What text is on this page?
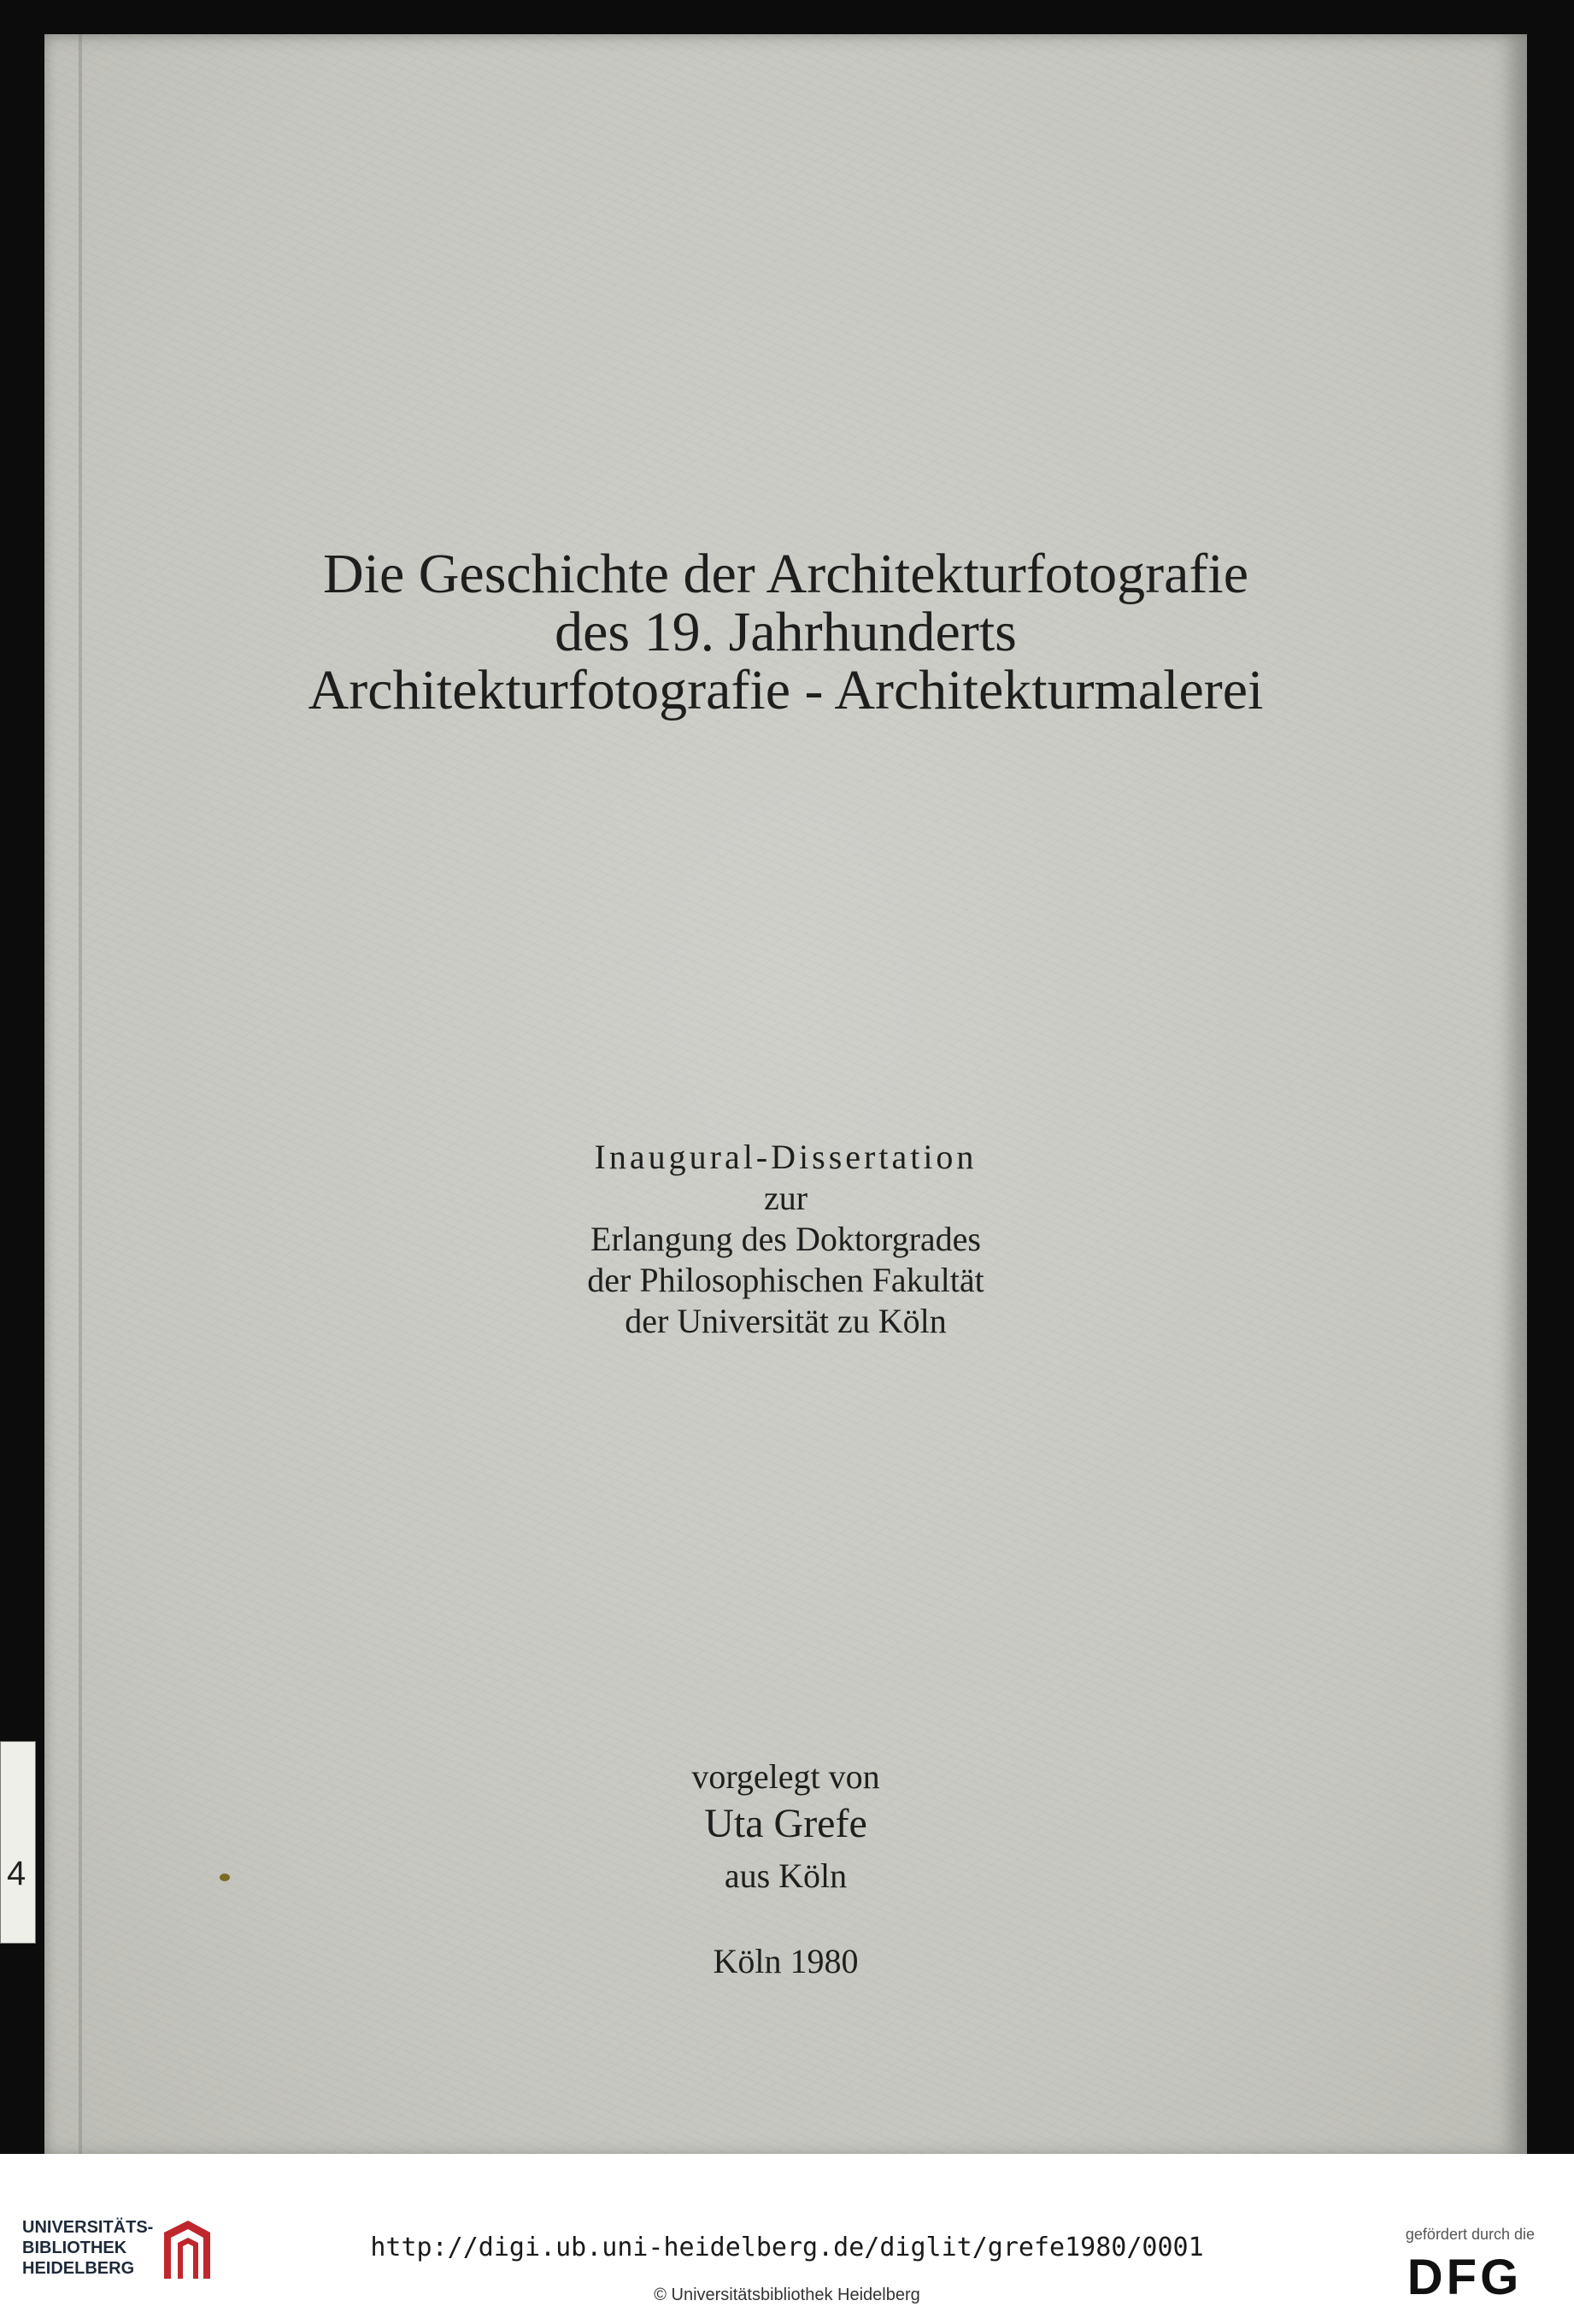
Die Geschichte der Architekturfotografie
des 19. Jahrhunderts
Architekturfotografie - Architekturmalerei
Inaugural-Dissertation
zur
Erlangung des Doktorgrades
der Philosophischen Fakultät
der Universität zu Köln
vorgelegt von
Uta Grefe
aus Köln
Köln 1980
4
UNIVERSITÄTS-
BIBLIOTHEK
HEIDELBERG
http://digi.ub.uni-heidelberg.de/diglit/grefe1980/0001
© Universitätsbibliothek Heidelberg
gefördert durch die
DFG
